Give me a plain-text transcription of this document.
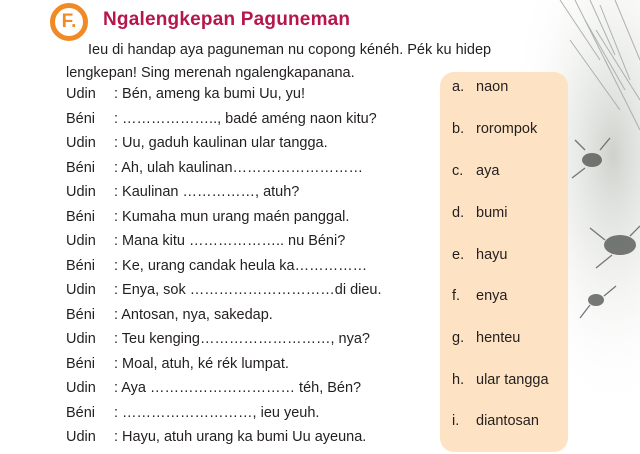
F. Ngalengkepan Paguneman
Ieu di handap aya paguneman nu copong kénéh. Pék ku hidep
lengkepan! Sing merenah ngalengkapanana.
Udin : Bén, ameng ka bumi Uu, yu!
Béni : ……………….., badé améng naon kitu?
Udin : Uu, gaduh kaulinan ular tangga.
Béni : Ah, ulah kaulinan………………………
Udin : Kaulinan ……………, atuh?
Béni : Kumaha mun urang maén panggal.
Udin : Mana kitu ……………….. nu Béni?
Béni : Ke, urang candak heula ka……………
Udin : Enya, sok …………………………di dieu.
Béni : Antosan, nya, sakedap.
Udin : Teu kenging………………………, nya?
Béni : Moal, atuh, ké rék lumpat.
Udin : Aya ………………………… téh, Bén?
Béni : ………………………, ieu yeuh.
Udin : Hayu, atuh urang ka bumi Uu ayeuna.
a. naon
b. rorompok
c. aya
d. bumi
e. hayu
f. enya
g. henteu
h. ular tangga
i. diantosan
